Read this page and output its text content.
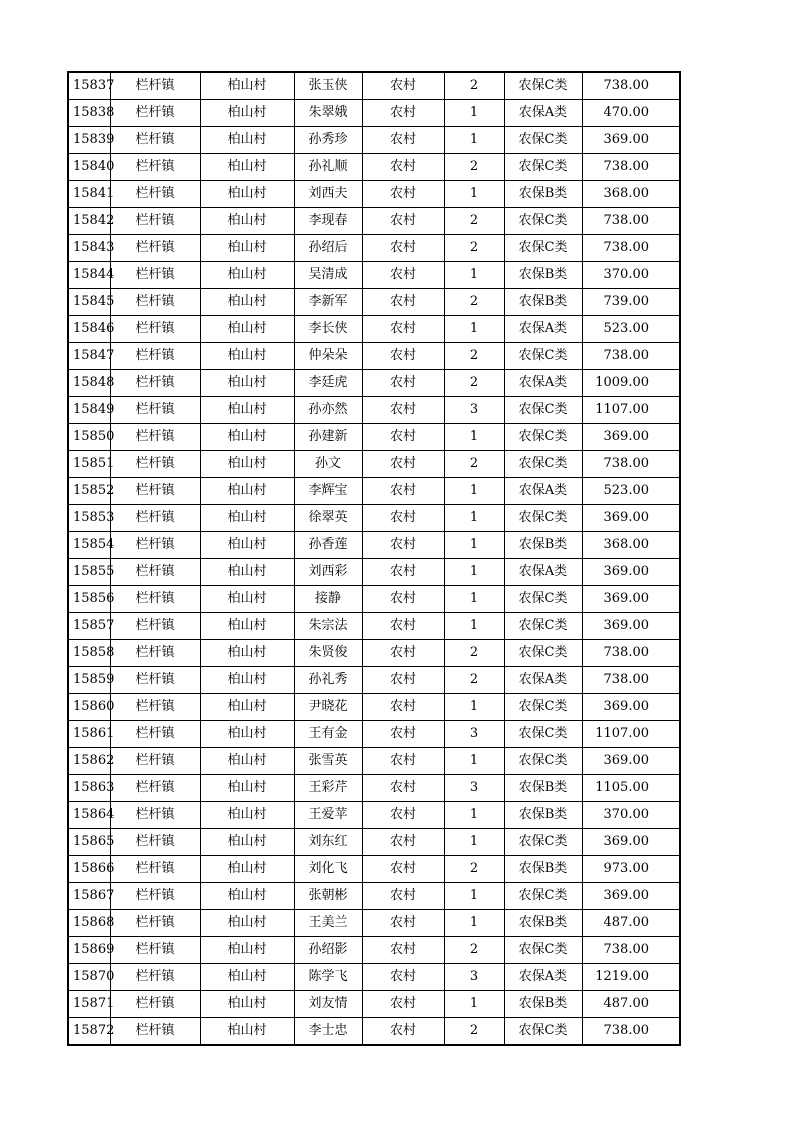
15837	栏杆镇	柏山村	张玉侠	农村	2	农保C类	738.00
15838	栏杆镇	柏山村	朱翠娥	农村	1	农保A类	470.00
15839	栏杆镇	柏山村	孙秀珍	农村	1	农保C类	369.00
15840	栏杆镇	柏山村	孙礼顺	农村	2	农保C类	738.00
15841	栏杆镇	柏山村	刘西夫	农村	1	农保B类	368.00
15842	栏杆镇	柏山村	李现春	农村	2	农保C类	738.00
15843	栏杆镇	柏山村	孙绍后	农村	2	农保C类	738.00
15844	栏杆镇	柏山村	吴清成	农村	1	农保B类	370.00
15845	栏杆镇	柏山村	李新军	农村	2	农保B类	739.00
15846	栏杆镇	柏山村	李长侠	农村	1	农保A类	523.00
15847	栏杆镇	柏山村	仲朵朵	农村	2	农保C类	738.00
15848	栏杆镇	柏山村	李廷虎	农村	2	农保A类	1009.00
15849	栏杆镇	柏山村	孙亦然	农村	3	农保C类	1107.00
15850	栏杆镇	柏山村	孙建新	农村	1	农保C类	369.00
15851	栏杆镇	柏山村	孙文	农村	2	农保C类	738.00
15852	栏杆镇	柏山村	李辉宝	农村	1	农保A类	523.00
15853	栏杆镇	柏山村	徐翠英	农村	1	农保C类	369.00
15854	栏杆镇	柏山村	孙香莲	农村	1	农保B类	368.00
15855	栏杆镇	柏山村	刘西彩	农村	1	农保A类	369.00
15856	栏杆镇	柏山村	接静	农村	1	农保C类	369.00
15857	栏杆镇	柏山村	朱宗法	农村	1	农保C类	369.00
15858	栏杆镇	柏山村	朱贤俊	农村	2	农保C类	738.00
15859	栏杆镇	柏山村	孙礼秀	农村	2	农保A类	738.00
15860	栏杆镇	柏山村	尹晓花	农村	1	农保C类	369.00
15861	栏杆镇	柏山村	王有金	农村	3	农保C类	1107.00
15862	栏杆镇	柏山村	张雪英	农村	1	农保C类	369.00
15863	栏杆镇	柏山村	王彩芹	农村	3	农保B类	1105.00
15864	栏杆镇	柏山村	王爱苹	农村	1	农保B类	370.00
15865	栏杆镇	柏山村	刘东红	农村	1	农保C类	369.00
15866	栏杆镇	柏山村	刘化飞	农村	2	农保B类	973.00
15867	栏杆镇	柏山村	张朝彬	农村	1	农保C类	369.00
15868	栏杆镇	柏山村	王美兰	农村	1	农保B类	487.00
15869	栏杆镇	柏山村	孙绍影	农村	2	农保C类	738.00
15870	栏杆镇	柏山村	陈学飞	农村	3	农保A类	1219.00
15871	栏杆镇	柏山村	刘友情	农村	1	农保B类	487.00
15872	栏杆镇	柏山村	李士忠	农村	2	农保C类	738.00
